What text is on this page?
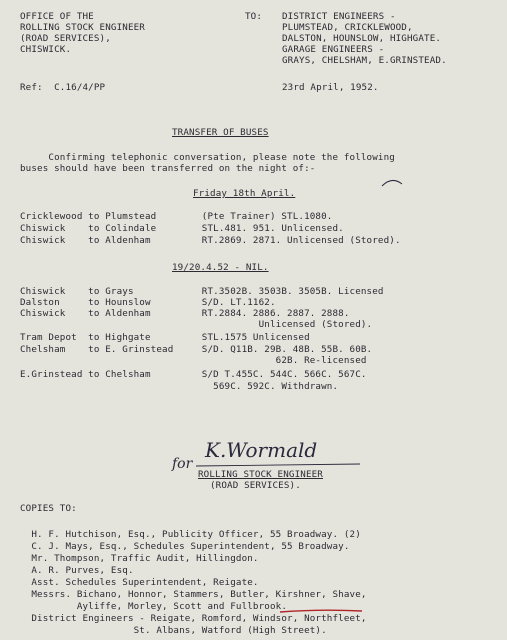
OFFICE OF THE
ROLLING STOCK ENGINEER
(ROAD SERVICES),
CHISWICK.
TO: DISTRICT ENGINEERS -
PLUMSTEAD, CRICKLEWOOD,
DALSTON, HOUNSLOW, HIGHGATE.
GARAGE ENGINEERS -
GRAYS, CHELSHAM, E.GRINSTEAD.
Ref:  C.16/4/PP	23rd April, 1952.
TRANSFER OF BUSES
Confirming telephonic conversation, please note the following
buses should have been transferred on the night of:-
Friday 18th April.
Cricklewood to Plumstead        (Pte Trainer) STL.1080.
Chiswick    to Colindale        STL.481. 951. Unlicensed.
Chiswick    to Aldenham         RT.2869. 2871. Unlicensed (Stored).
19/20.4.52 - NIL.
Chiswick    to Grays            RT.3502B. 3503B. 3505B. Licensed
Dalston     to Hounslow         S/D. LT.1162.
Chiswick    to Aldenham         RT.2884. 2886. 2887. 2888.
Unlicensed (Stored).
Tram Depot  to Highgate         STL.1575 Unlicensed
Chelsham    to E. Grinstead     S/D. Q11B. 29B. 48B. 55B. 60B.
62B. Re-licensed
E.Grinstead to Chelsham         S/D T.455C. 544C. 566C. 567C.
569C. 592C. Withdrawn.
for
K.Wormald
ROLLING STOCK ENGINEER
(ROAD SERVICES).
COPIES TO:
H. F. Hutchison, Esq., Publicity Officer, 55 Broadway. (2)
C. J. Mays, Esq., Schedules Superintendent, 55 Broadway.
Mr. Thompson, Traffic Audit, Hillingdon.
A. R. Purves, Esq.
Asst. Schedules Superintendent, Reigate.
Messrs. Bichano, Honnor, Stammers, Butler, Kirshner, Shave,
Ayliffe, Morley, Scott and Fullbrook.
District Engineers - Reigate, Romford, Windsor, Northfleet,
St. Albans, Watford (High Street).
